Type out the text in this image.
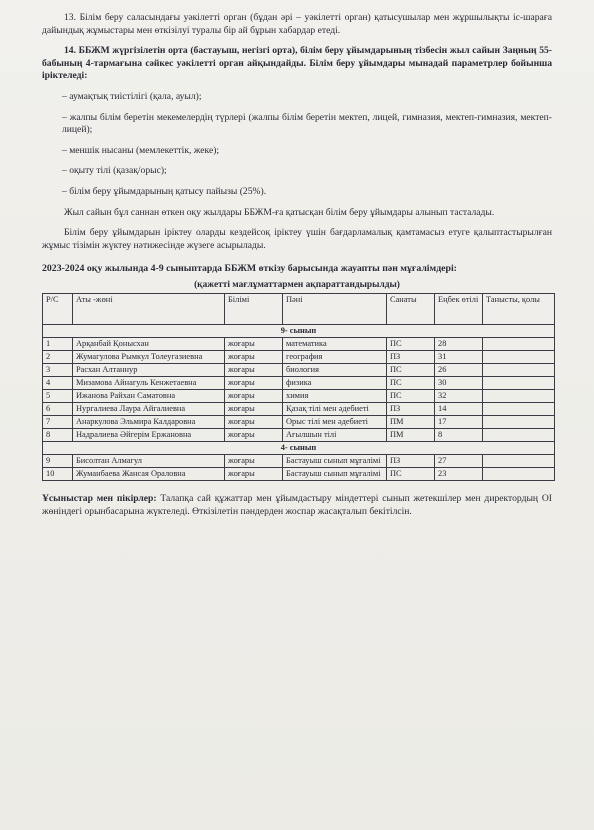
13. Білім беру саласындағы уәкілетті орган (бұдан әрі – уәкілетті орган) қатысушылар мен жұршылықты іс-шараға дайындық жұмыстары мен өткізілуі туралы бір ай бұрын хабардар етеді.

14. ББЖМ жүргізілетін орта (бастауыш, негізгі орта), білім беру ұйымдарының тізбесін жыл сайын Заңның 55-бабының 4-тармағына сәйкес уәкілетті орган айқындайды. Білім беру ұйымдары мынадай параметрлер бойынша іріктеледі:

– аумақтық тиістілігі (қала, ауыл);

– жалпы білім беретін мекемелердің түрлері (жалпы білім беретін мектеп, лицей, гимназия, мектеп-гимназия, мектеп-лицей);

– меншік нысаны (мемлекеттік, жеке);

– оқыту тілі (қазақ/орыс);

– білім беру ұйымдарының қатысу пайызы (25%).

Жыл сайын бұл саннан өткен оқу жылдары ББЖМ-ға қатысқан білім беру ұйымдары алынып тасталады.

Білім беру ұйымдарын іріктеу оларды кездейсоқ іріктеу үшін бағдарламалық қамтамасыз етуге қалыптастырылған жұмыс тізімін жүктеу нәтижесінде жүзеге асырылады.

2023-2024 оқу жылында 4-9 сыныптарда ББЖМ өткізу барысында жауапты пән мұғалімдері:

(қажетті мағлұматтармен ақпараттандырылды)
Р/С	Аты -жөні	Білімі	Пәні	Санаты	Еңбек өтілі	Танысты, қолы
9- сынып						
1	Арқанбай Қонысхан	жоғары	математика	ПС	28	
2	Жумагулова Рымкул Толеугазиевна	жоғары	география	ПЗ	31	
3	Расхан Алтаннур	жоғары	биология	ПС	26	
4	Мизамова Айнагуль Кенжетаевна	жоғары	физика	ПС	30	
5	Ижанова Райхан Саматовна	жоғары	химия	ПС	32	
6	Нургалиева Лаура Айгалиевна	жоғары	Қазақ тілі мен әдебиеті	ПЗ	14	
7	Анаркулова Эльмира Калдаровна	жоғары	Орыс тілі мен әдебиеті	ПМ	17	
8	Надралиева Әйгерім Ержановна	жоғары	Ағылшын тілі	ПМ	8	
4- сынып						
9	Бисолтан Алмагул	жоғары	Бастауыш сынып мұғалімі	ПЗ	27	
10	Жуманбаева Жансая Ораловна	жоғары	Бастауыш сынып мұғалімі	ПС	23	

Ұсыныстар мен пікірлер: Талапқа сай құжаттар мен ұйымдастыру міндеттері сынып жетекшілер мен директордың ОІ жөніндегі орынбасарына жүктеледі. Өткізілетін пәндерден жоспар жасақталып бекітілсін.
